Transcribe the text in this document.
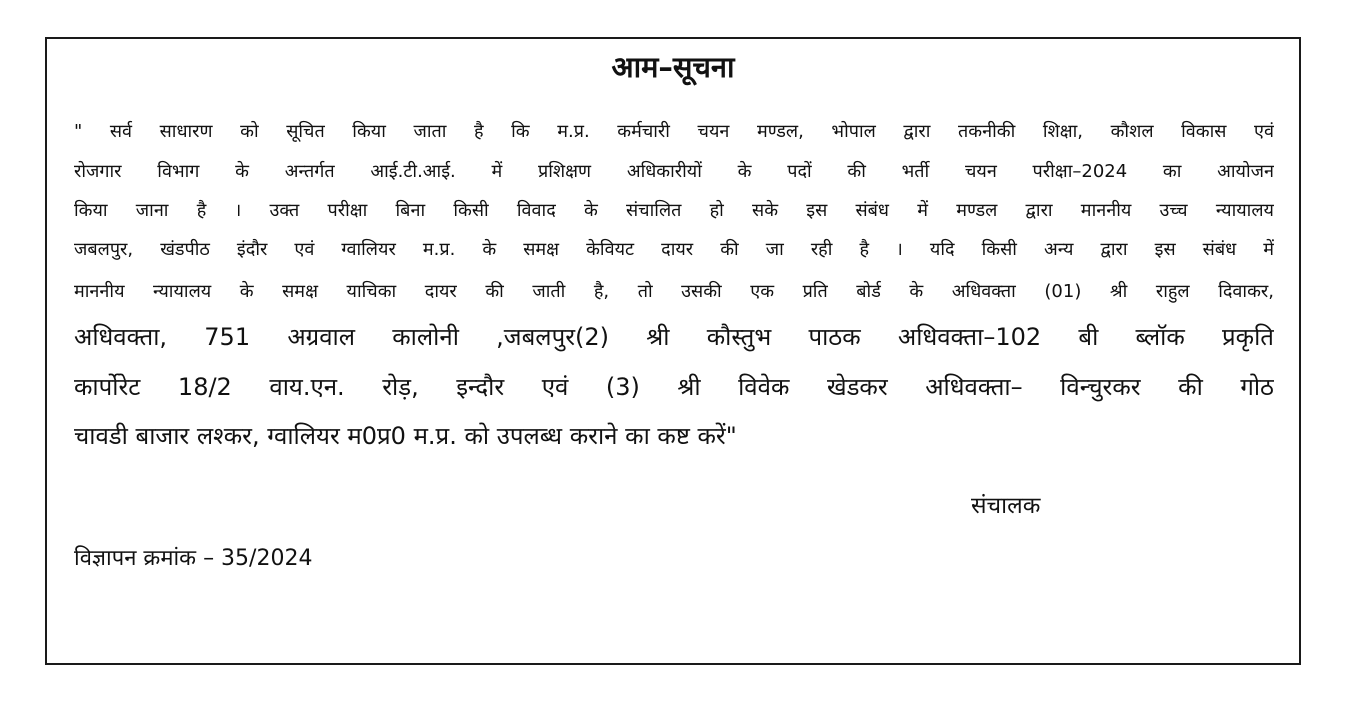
आम–सूचना
" सर्व साधारण को सूचित किया जाता है कि म.प्र. कर्मचारी चयन मण्डल, भोपाल द्वारा तकनीकी शिक्षा, कौशल विकास एवं
रोजगार विभाग के अन्तर्गत आई.टी.आई. में प्रशिक्षण अधिकारीयों के पदों की भर्ती चयन परीक्षा–2024 का आयोजन
किया जाना है । उक्त परीक्षा बिना किसी विवाद के संचालित हो सके इस संबंध में मण्डल द्वारा माननीय उच्च न्यायालय
जबलपुर, खंडपीठ इंदौर एवं ग्वालियर म.प्र. के समक्ष केवियट दायर की जा रही है । यदि किसी अन्य द्वारा इस संबंध में
माननीय न्यायालय के समक्ष याचिका दायर की जाती है, तो उसकी एक प्रति बोर्ड के अधिवक्ता (01) श्री राहुल दिवाकर,
अधिवक्ता, 751 अग्रवाल कालोनी ,जबलपुर(2) श्री कौस्तुभ पाठक अधिवक्ता–102 बी ब्लॉक प्रकृति
कार्पोरेट 18/2 वाय.एन. रोड़, इन्दौर एवं (3) श्री विवेक खेडकर अधिवक्ता– विन्चुरकर की गोठ
चावडी बाजार लश्कर, ग्वालियर म0प्र0 म.प्र. को उपलब्ध कराने का कष्ट करें"
संचालक
विज्ञापन क्रमांक – 35/2024
